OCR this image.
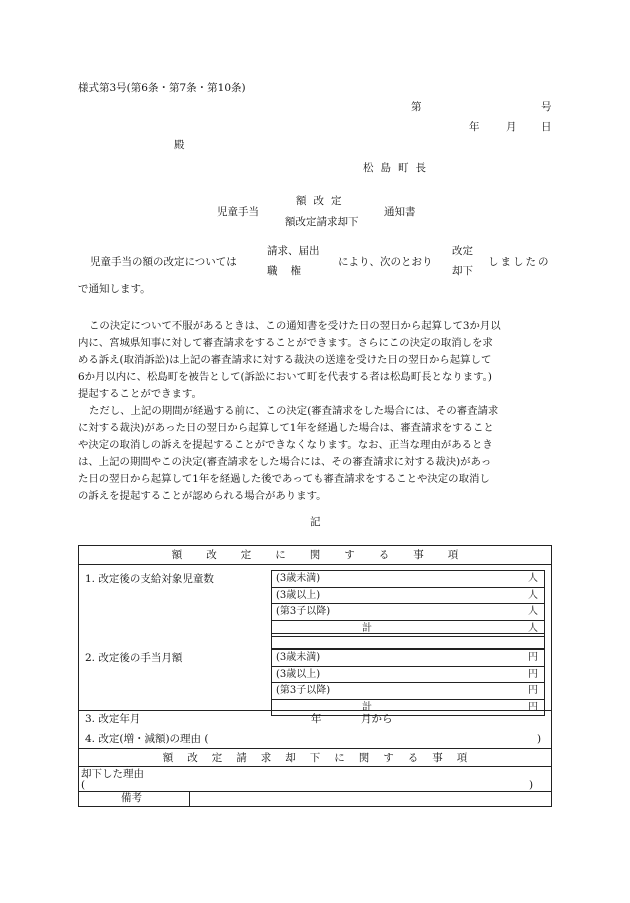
様式第3号(第6条・第7条・第10条)
第	号
年	月 日
殿
松島町長
児童手当
額改定
額改定請求却下
通知書
児童手当の額の改定については
請求、届出
職権
により、次のとおり
改定
却下
しましたの
で通知します。
この決定について不服があるときは、この通知書を受けた日の翌日から起算して3か月以
内に、宮城県知事に対して審査請求をすることができます。さらにこの決定の取消しを求
める訴え(取消訴訟)は上記の審査請求に対する裁決の送達を受けた日の翌日から起算して
6か月以内に、松島町を被告として(訴訟において町を代表する者は松島町長となります。)
提起することができます。
ただし、上記の期間が経過する前に、この決定(審査請求をした場合には、その審査請求
に対する裁決)があった日の翌日から起算して1年を経過した場合は、審査請求をすること
や決定の取消しの訴えを提起することができなくなります。なお、正当な理由があるとき
は、上記の期間やこの決定(審査請求をした場合には、その審査請求に対する裁決)があっ
た日の翌日から起算して1年を経過した後であっても審査請求をすることや決定の取消し
の訴えを提起することが認められる場合があります。
記
額改定に関する事項
1. 改定後の支給対象児童数	(3歳未満)	人
(3歳以上)	人
(第3子以降)	人
計	人
2. 改定後の手当月額	(3歳未満)	円
(3歳以上)	円
(第3子以降)	円
計	円
3. 改定年月	年	月から
4. 改定(増・減額)の理由 (	)
額改定請求却下に関する事項
却下した理由
(	)
備考
